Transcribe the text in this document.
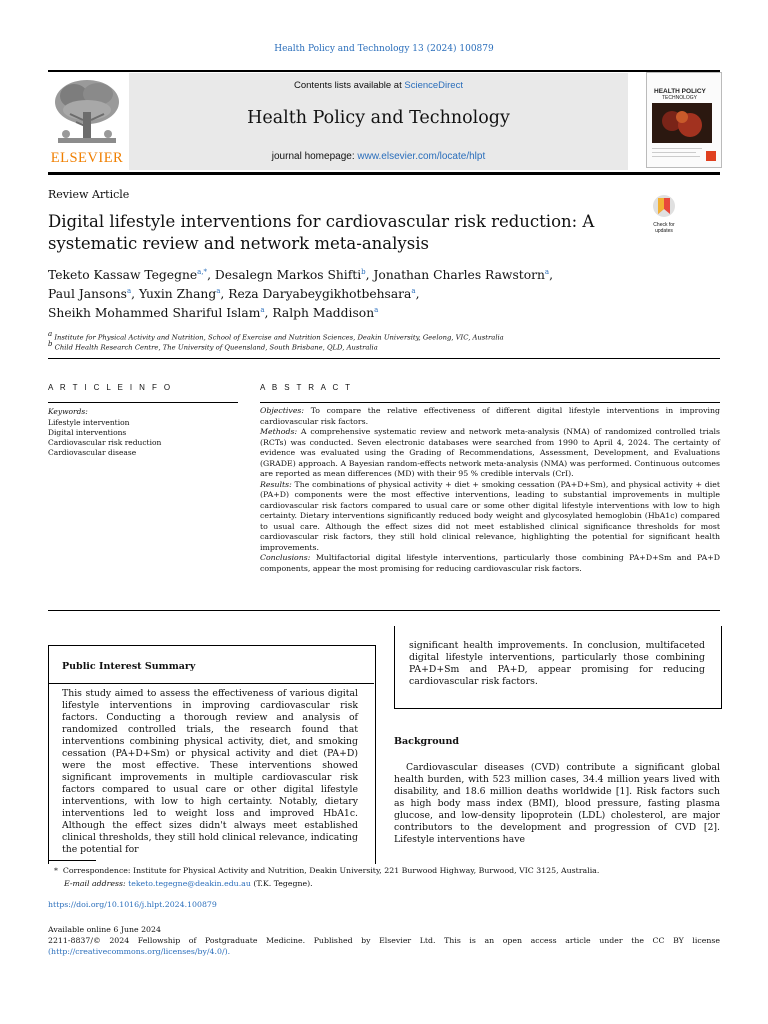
Health Policy and Technology 13 (2024) 100879
ELSEVIER
Contents lists available at ScienceDirect
Health Policy and Technology
journal homepage: www.elsevier.com/locate/hlpt
HEALTH POLICY
TECHNOLOGY
Review Article
Check for updates
Digital lifestyle interventions for cardiovascular risk reduction: A systematic review and network meta-analysis
Teketo Kassaw Tegegne$^{a,*}$, Desalegn Markos Shifti$^b$, Jonathan Charles Rawstorn$^a$,
Paul Jansons$^a$, Yuxin Zhang$^a$, Reza Daryabeygikhotbehsara$^a$,
Sheikh Mohammed Shariful Islam$^a$, Ralph Maddison$^a$
$^a$ Institute for Physical Activity and Nutrition, School of Exercise and Nutrition Sciences, Deakin University, Geelong, VIC, Australia
$^b$ Child Health Research Centre, The University of Queensland, South Brisbane, QLD, Australia
A R T I C L E I N F O
Keywords:
Lifestyle intervention
Digital interventions
Cardiovascular risk reduction
Cardiovascular disease
A B S T R A C T

Objectives: To compare the relative effectiveness of different digital lifestyle interventions in improving cardiovascular risk factors.

Methods: A comprehensive systematic review and network meta-analysis (NMA) of randomized controlled trials (RCTs) was conducted. Seven electronic databases were searched from 1990 to April 4, 2024. The certainty of evidence was evaluated using the Grading of Recommendations, Assessment, Development, and Evaluations (GRADE) approach. A Bayesian random-effects network meta-analysis (NMA) was performed. Continuous outcomes are reported as mean differences (MD) with their 95 % credible intervals (CrI).

Results: The combinations of physical activity + diet + smoking cessation (PA+D+Sm), and physical activity + diet (PA+D) components were the most effective interventions, leading to substantial improvements in multiple cardiovascular risk factors compared to usual care or some other digital lifestyle interventions with low to high certainty. Dietary interventions significantly reduced body weight and glycosylated hemoglobin (HbA1c) compared to usual care. Although the effect sizes did not meet established clinical significance thresholds for most cardiovascular risk factors, they still hold clinical relevance, highlighting the potential for significant health improvements.

Conclusions: Multifactorial digital lifestyle interventions, particularly those combining PA+D+Sm and PA+D components, appear the most promising for reducing cardiovascular risk factors.

Public Interest Summary
This study aimed to assess the effectiveness of various digital lifestyle interventions in improving cardiovascular risk factors. Conducting a thorough review and analysis of randomized controlled trials, the research found that interventions combining physical activity, diet, and smoking cessation (PA+D+Sm) or physical activity and diet (PA+D) were the most effective. These interventions showed significant improvements in multiple cardiovascular risk factors compared to usual care or other digital lifestyle interventions, with low to high certainty. Notably, dietary interventions led to weight loss and improved HbA1c. Although the effect sizes didn't always meet established clinical thresholds, they still hold clinical relevance, indicating the potential for
significant health improvements. In conclusion, multifaceted digital lifestyle interventions, particularly those combining PA+D+Sm and PA+D, appear promising for reducing cardiovascular risk factors.
Background
Cardiovascular diseases (CVD) contribute a significant global health burden, with 523 million cases, 34.4 million years lived with disability, and 18.6 million deaths worldwide [1]. Risk factors such as high body mass index (BMI), blood pressure, fasting plasma glucose, and low-density lipoprotein (LDL) cholesterol, are major contributors to the development and progression of CVD [2]. Lifestyle interventions have
* Correspondence: Institute for Physical Activity and Nutrition, Deakin University, 221 Burwood Highway, Burwood, VIC 3125, Australia.
E-mail address: teketo.tegegne@deakin.edu.au (T.K. Tegegne).
https://doi.org/10.1016/j.hlpt.2024.100879
Available online 6 June 2024
2211-8837/© 2024 Fellowship of Postgraduate Medicine. Published by Elsevier Ltd. This is an open access article under the CC BY license (http://creativecommons.org/licenses/by/4.0/).
